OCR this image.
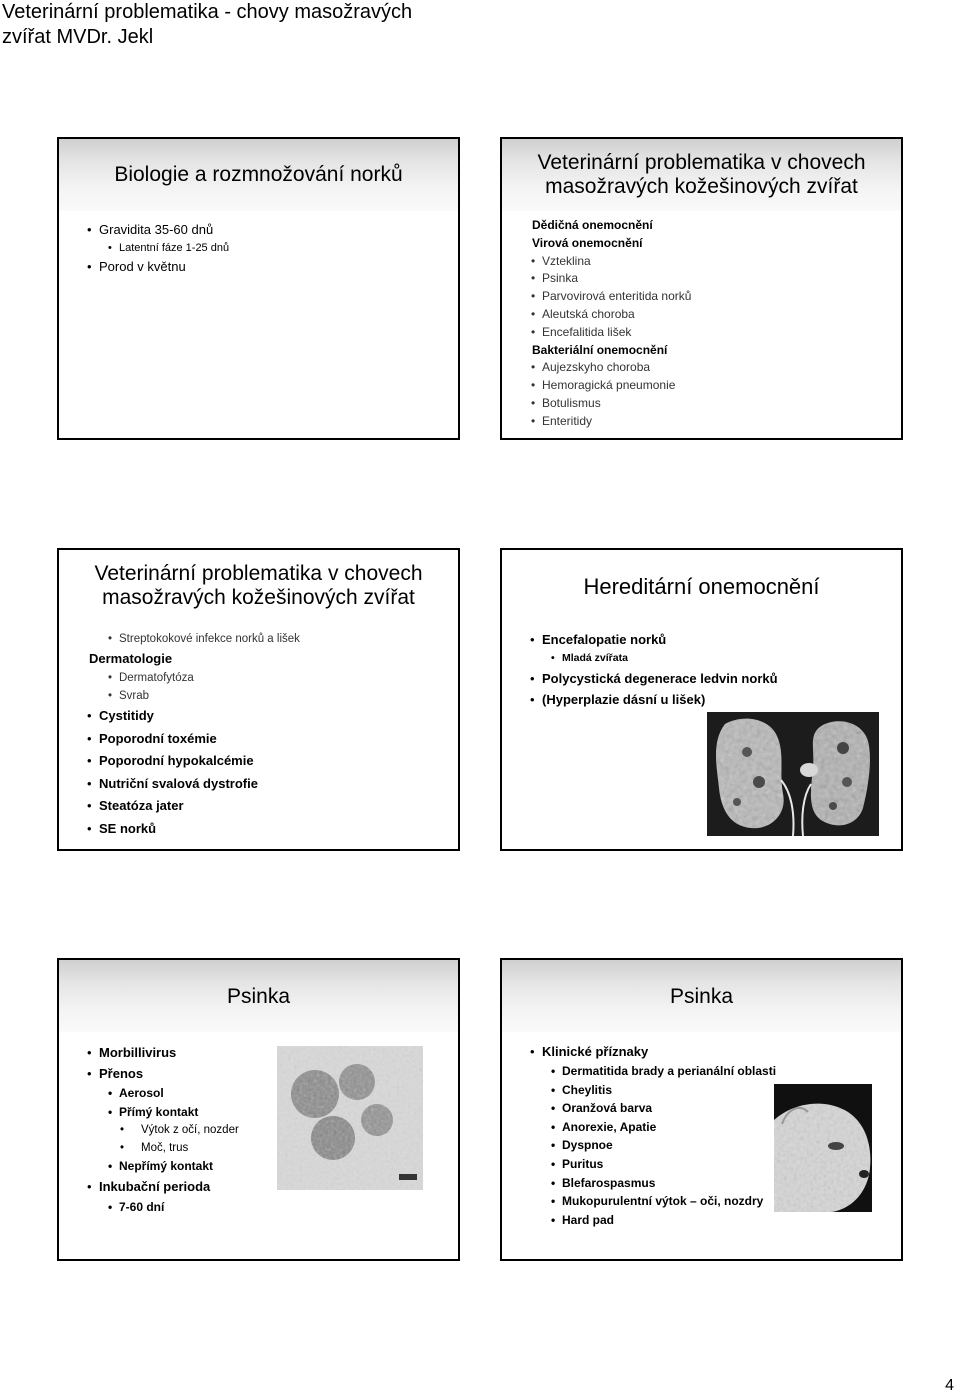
Veterinární problematika - chovy masožravých
zvířat MVDr. Jekl
Biologie a rozmnožování norků
• Gravidita 35-60 dnů
• Latentní fáze 1-25 dnů
• Porod v květnu
Veterinární problematika v chovech
masožravých kožešinových zvířat
Dědičná onemocnění
Virová onemocnění
• Vzteklina
• Psinka
• Parvovirová enteritida norků
• Aleutská choroba
• Encefalitida lišek
Bakteriální onemocnění
• Aujezskyho choroba
• Hemoragická pneumonie
• Botulismus
• Enteritidy
Veterinární problematika v chovech
masožravých kožešinových zvířat
• Streptokokové infekce norků a lišek
Dermatologie
• Dermatofytóza
• Svrab
• Cystitidy
• Poporodní toxémie
• Poporodní hypokalcémie
• Nutriční svalová dystrofie
• Steatóza jater
• SE norků
Hereditární onemocnění
• Encefalopatie norků
• Mladá zvířata
• Polycystická degenerace ledvin norků
• (Hyperplazie dásní u lišek)
Psinka
• Morbillivirus
• Přenos
• Aerosol
• Přímý kontakt
• Výtok z očí, nozder
• Moč, trus
• Nepřímý kontakt
• Inkubační perioda
• 7-60 dní
Psinka
• Klinické příznaky
• Dermatitida brady a perianální oblasti
• Cheylitis
• Oranžová barva
• Anorexie, Apatie
• Dyspnoe
• Puritus
• Blefarospasmus
• Mukopurulentní výtok – oči, nozdry
• Hard pad
4
